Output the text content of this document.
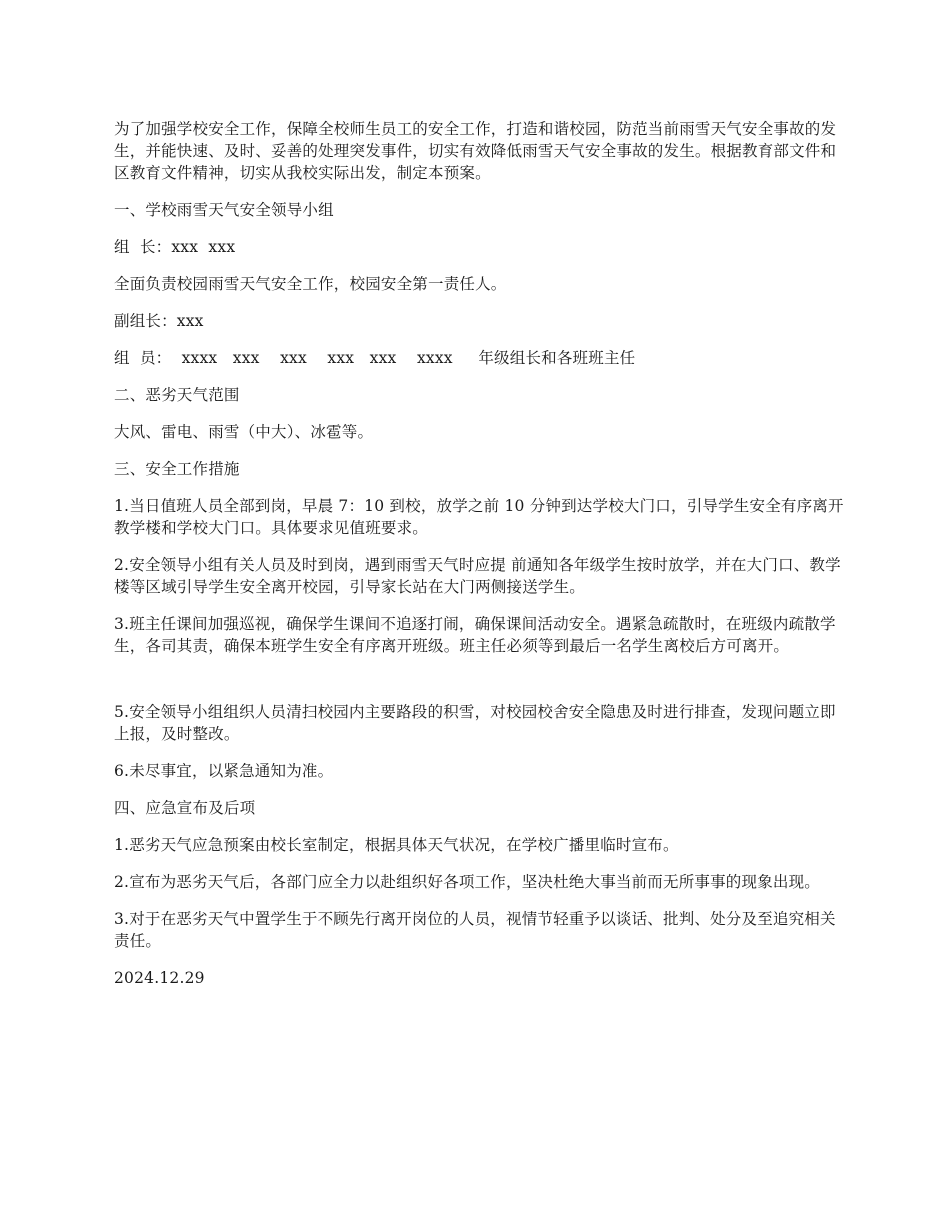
为了加强学校安全工作，保障全校师生员工的安全工作，打造和谐校园，防范当前雨雪天气安全事故的发生，并能快速、及时、妥善的处理突发事件，切实有效降低雨雪天气安全事故的发生。根据教育部文件和区教育文件精神，切实从我校实际出发，制定本预案。

一、学校雨雪天气安全领导小组

组  长：xxx  xxx

全面负责校园雨雪天气安全工作，校园安全第一责任人。

副组长：xxx

组  员：  xxxx   xxx    xxx    xxx   xxx    xxxx     年级组长和各班班主任

二、恶劣天气范围

大风、雷电、雨雪（中大）、冰雹等。

三、安全工作措施

1.当日值班人员全部到岗，早晨 7：10 到校，放学之前 10 分钟到达学校大门口，引导学生安全有序离开教学楼和学校大门口。具体要求见值班要求。

2.安全领导小组有关人员及时到岗，遇到雨雪天气时应提 前通知各年级学生按时放学，并在大门口、教学楼等区域引导学生安全离开校园，引导家长站在大门两侧接送学生。

3.班主任课间加强巡视，确保学生课间不追逐打闹，确保课间活动安全。遇紧急疏散时，在班级内疏散学生，各司其责，确保本班学生安全有序离开班级。班主任必须等到最后一名学生离校后方可离开。

5.安全领导小组组织人员清扫校园内主要路段的积雪，对校园校舍安全隐患及时进行排查，发现问题立即上报，及时整改。

6.未尽事宜，以紧急通知为准。

四、应急宣布及后项

1.恶劣天气应急预案由校长室制定，根据具体天气状况，在学校广播里临时宣布。

2.宣布为恶劣天气后，各部门应全力以赴组织好各项工作，坚决杜绝大事当前而无所事事的现象出现。

3.对于在恶劣天气中置学生于不顾先行离开岗位的人员，视情节轻重予以谈话、批判、处分及至追究相关责任。

2024.12.29
